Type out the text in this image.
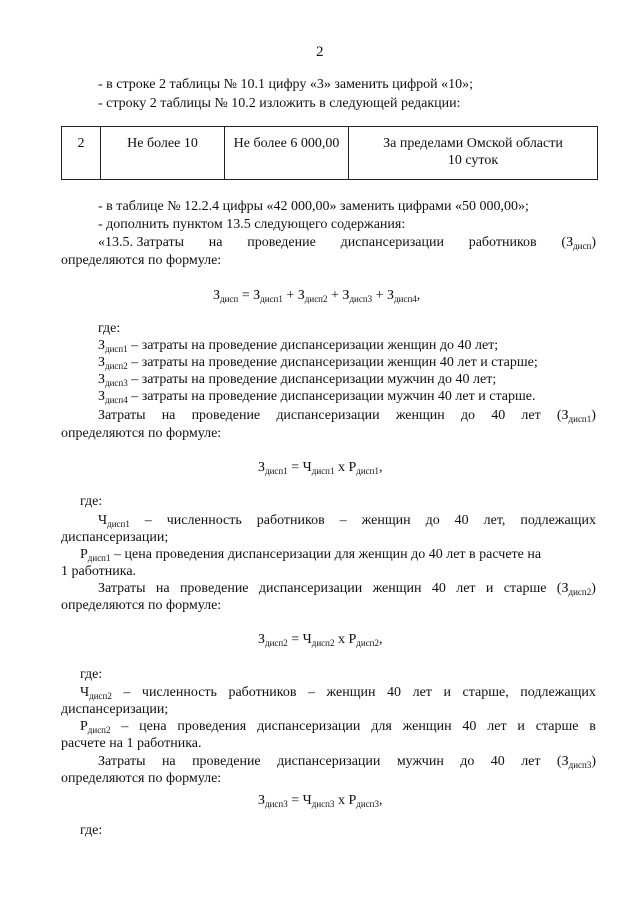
2
- в строке 2 таблицы № 10.1 цифру «3» заменить цифрой «10»;
- строку 2 таблицы № 10.2 изложить в следующей редакции:
2	Не более 10	Не более 6 000,00	За пределами Омской области
10 суток
- в таблице № 12.2.4 цифры «42 000,00» заменить цифрами «50 000,00»;
- дополнить пунктом 13.5 следующего содержания:
«13.5. Затраты на проведение диспансеризации работников $(З_{дисп})$
определяются по формуле:
$З_{дисп} = З_{дисп1} + З_{дисп2} + З_{дисп3} + З_{дисп4}$,
где:
$З_{дисп1}$ – затраты на проведение диспансеризации женщин до 40 лет;
$З_{дисп2}$ – затраты на проведение диспансеризации женщин 40 лет и старше;
$З_{дисп3}$ – затраты на проведение диспансеризации мужчин до 40 лет;
$З_{дисп4}$ – затраты на проведение диспансеризации мужчин 40 лет и старше.
Затраты на проведение диспансеризации женщин до 40 лет $(З_{дисп1})$
определяются по формуле:
$З_{дисп1} = Ч_{дисп1}$ х $Р_{дисп1}$,
где:
$Ч_{дисп1}$ – численность работников – женщин до 40 лет, подлежащих
диспансеризации;
$Р_{дисп1}$ – цена проведения диспансеризации для женщин до 40 лет в расчете на
1 работника.
Затраты на проведение диспансеризации женщин 40 лет и старше $(З_{дисп2})$
определяются по формуле:
$З_{дисп2} = Ч_{дисп2}$ х $Р_{дисп2}$,
где:
$Ч_{дисп2}$ – численность работников – женщин 40 лет и старше, подлежащих
диспансеризации;
$Р_{дисп2}$ – цена проведения диспансеризации для женщин 40 лет и старше в
расчете на 1 работника.
Затраты на проведение диспансеризации мужчин до 40 лет $(З_{дисп3})$
определяются по формуле:
$З_{дисп3} = Ч_{дисп3}$ х $Р_{дисп3}$,
где:
